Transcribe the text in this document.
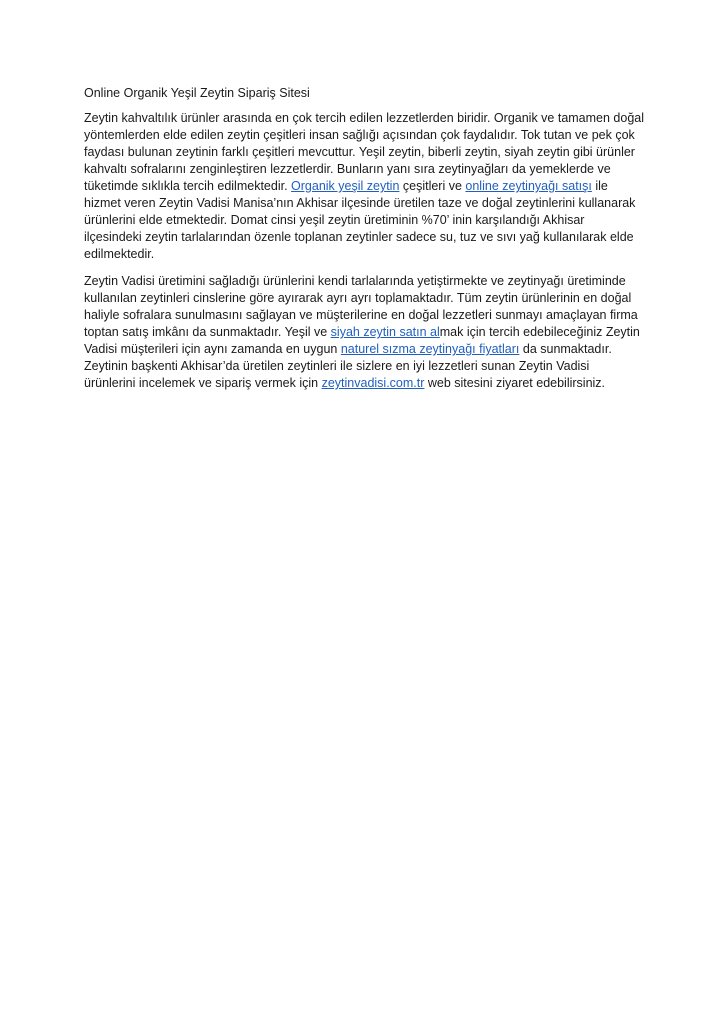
Online Organik Yeşil Zeytin Sipariş Sitesi

Zeytin kahvaltılık ürünler arasında en çok tercih edilen lezzetlerden biridir. Organik ve tamamen doğal
yöntemlerden elde edilen zeytin çeşitleri insan sağlığı açısından çok faydalıdır. Tok tutan ve pek çok
faydası bulunan zeytinin farklı çeşitleri mevcuttur. Yeşil zeytin, biberli zeytin, siyah zeytin gibi ürünler
kahvaltı sofralarını zenginleştiren lezzetlerdir. Bunların yanı sıra zeytinyağları da yemeklerde ve
tüketimde sıklıkla tercih edilmektedir. Organik yeşil zeytin çeşitleri ve online zeytinyağı satışı ile
hizmet veren Zeytin Vadisi Manisa’nın Akhisar ilçesinde üretilen taze ve doğal zeytinlerini kullanarak
ürünlerini elde etmektedir. Domat cinsi yeşil zeytin üretiminin %70’ inin karşılandığı Akhisar
ilçesindeki zeytin tarlalarından özenle toplanan zeytinler sadece su, tuz ve sıvı yağ kullanılarak elde
edilmektedir.

Zeytin Vadisi üretimini sağladığı ürünlerini kendi tarlalarında yetiştirmekte ve zeytinyağı üretiminde
kullanılan zeytinleri cinslerine göre ayırarak ayrı ayrı toplamaktadır. Tüm zeytin ürünlerinin en doğal
haliyle sofralara sunulmasını sağlayan ve müşterilerine en doğal lezzetleri sunmayı amaçlayan firma
toptan satış imkânı da sunmaktadır. Yeşil ve siyah zeytin satın almak için tercih edebileceğiniz Zeytin
Vadisi müşterileri için aynı zamanda en uygun naturel sızma zeytinyağı fiyatları da sunmaktadır.
Zeytinin başkenti Akhisar’da üretilen zeytinleri ile sizlere en iyi lezzetleri sunan Zeytin Vadisi
ürünlerini incelemek ve sipariş vermek için zeytinvadisi.com.tr web sitesini ziyaret edebilirsiniz.
